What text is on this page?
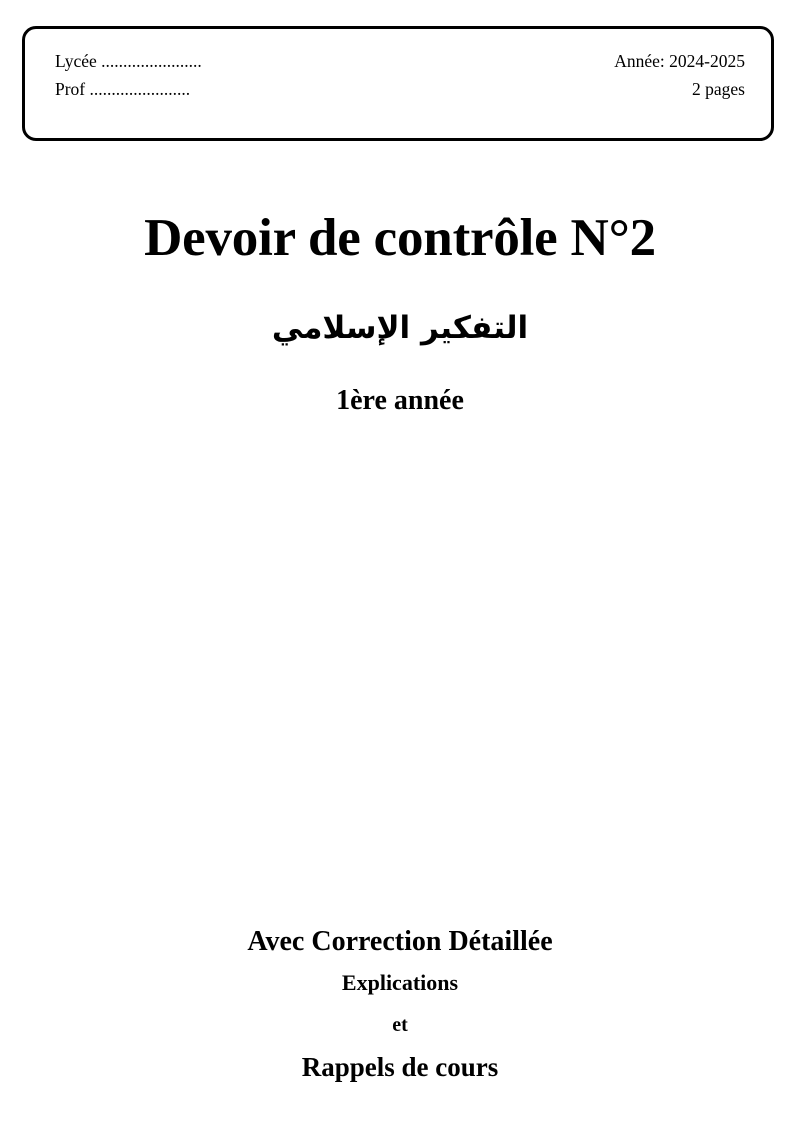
Lycée .......................
Prof .......................
Année: 2024-2025
2 pages
Devoir de contrôle N°2
التفكير الإسلامي
1ère année
Avec Correction Détaillée
Explications
et
Rappels de cours
